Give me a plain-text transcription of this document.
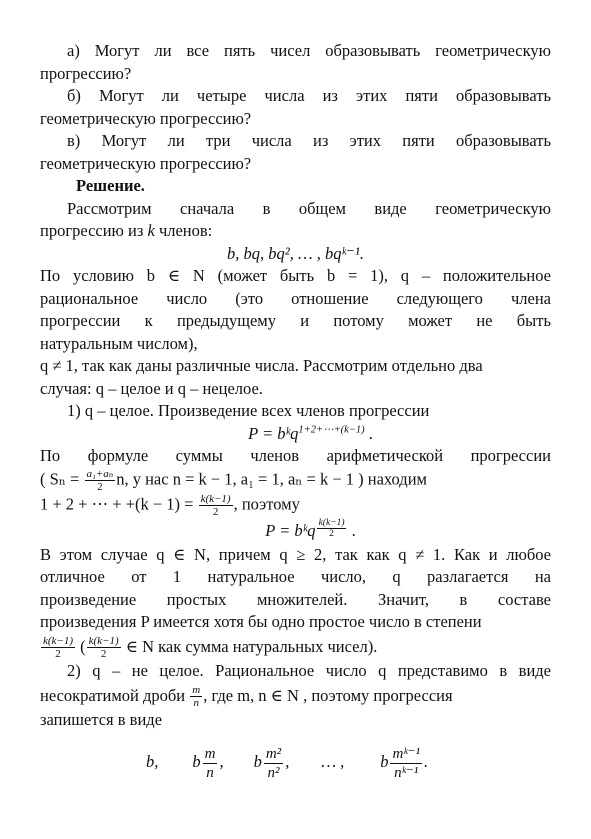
а) Могут ли все пять чисел образовывать геометрическую

прогрессию?

б) Могут ли четыре числа из этих пяти образовывать

геометрическую прогрессию?

в) Могут ли три числа из этих пяти образовывать

геометрическую прогрессию?

Решение.

Рассмотрим сначала в общем виде геометрическую

прогрессию из k членов:

b, bq, bq², … , bqᵏ⁻¹.

По условию b ∈ N (может быть b = 1), q – положительное

рациональное число (это отношение следующего члена

прогрессии к предыдущему и потому может не быть

натуральным числом),

q ≠ 1, так как даны различные числа. Рассмотрим отдельно два

случая: q – целое и q – нецелое.

1) q – целое. Произведение всех членов прогрессии

P = bᵏq$^{1+2+\cdots+(k-1)}$ .

По формуле суммы членов арифметической прогрессии

( $S_n = \frac{\text{a₁+aₙ}}{2} n$, у нас n = k − 1, a₁ = 1, aₙ = k − 1 ) находим

1 + 2 + ⋯ + $+(k - 1) = \frac{k(k-1)}{2}$ , поэтому

P = bᵏq $\frac{k(k-1)}{2}$ .

В этом случае q ∈ N, причем q ≥ 2, так как q ≠ 1. Как и любое

отличное от 1 натуральное число, q разлагается на

произведение простых множителей. Значит, в составе

произведения P имеется хотя бы одно простое число в степени

$\frac{k(k-1)}{2}$ ( $\frac{k(k-1)}{2}$ ∈ N как сумма натуральных чисел).

2) q – не целое. Рациональное число q представимо в виде

несократимой дроби $\frac{m}{n}$ , где m, n ∈ N , поэтому прогрессия

запишется в виде

b, b $\frac{m}{n}$ , b $\frac{\text{m²}}{\text{n²}}$ , … , b $\frac{\text{mᵏ⁻¹}}{\text{nᵏ⁻¹}}$ .
